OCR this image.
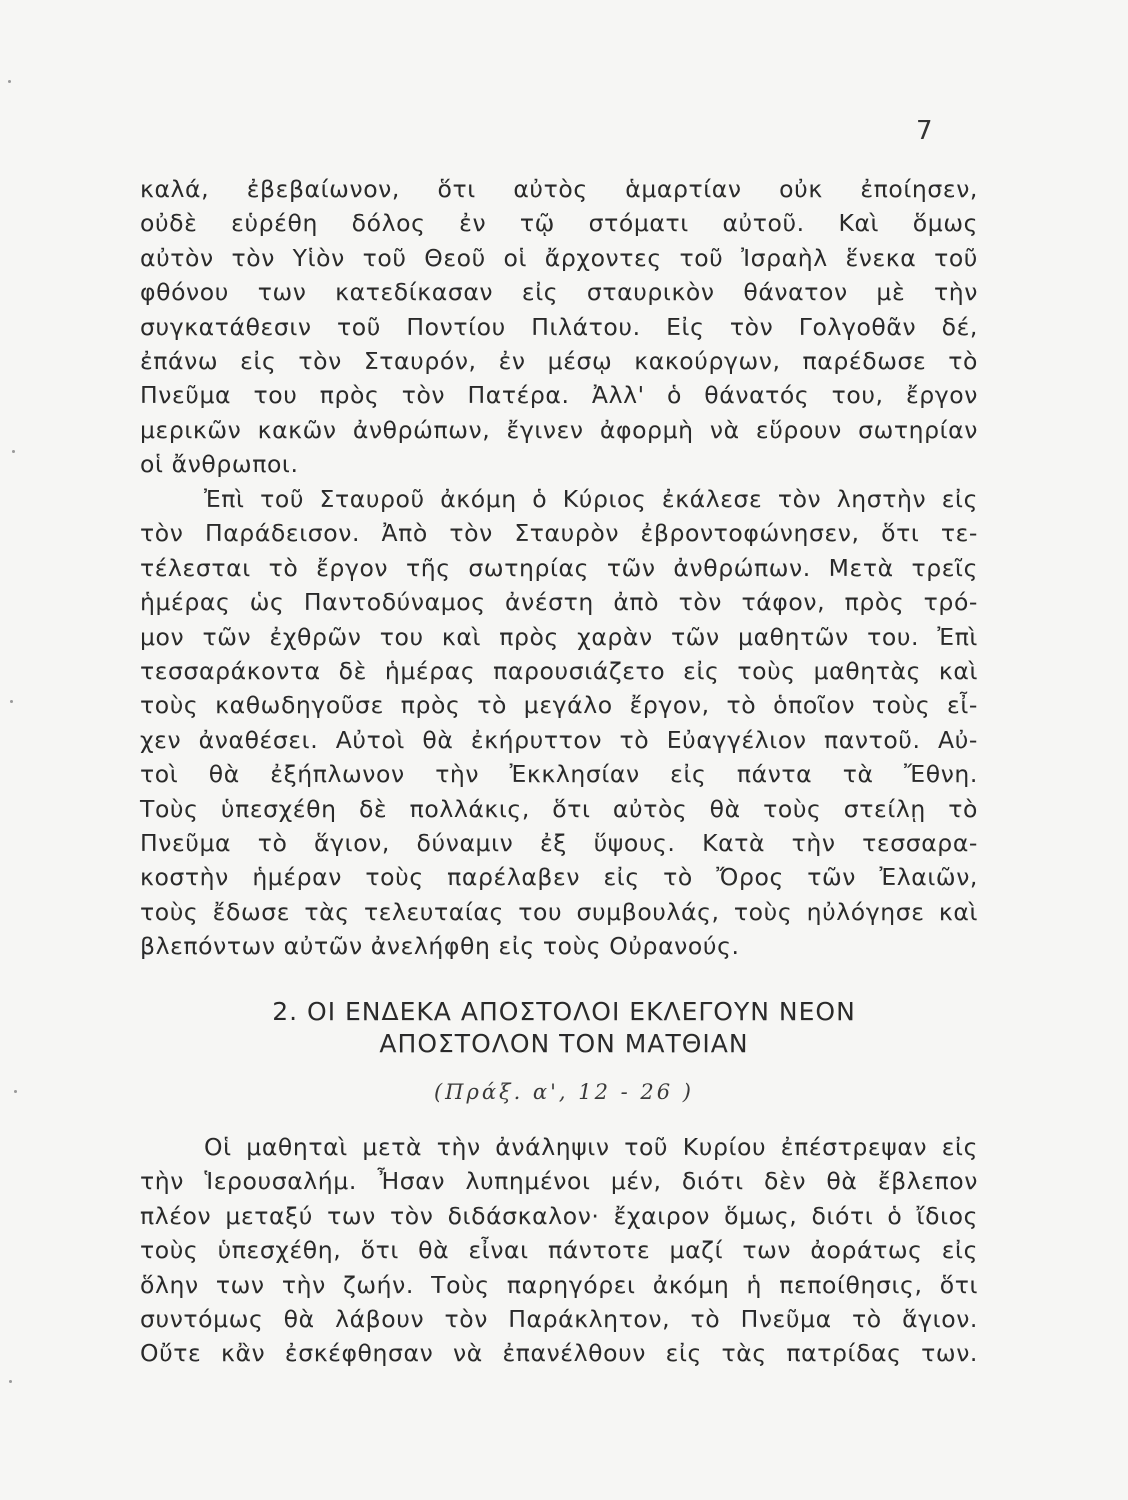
7
καλά, ἐβεβαίωνον, ὅτι αὐτὸς ἁμαρτίαν οὐκ ἐποίησεν,
οὐδὲ εὑρέθη δόλος ἐν τῷ στόματι αὐτοῦ. Καὶ ὅμως
αὐτὸν τὸν Υἱὸν τοῦ Θεοῦ οἱ ἄρχοντες τοῦ Ἰσραὴλ ἕνεκα τοῦ
φθόνου των κατεδίκασαν εἰς σταυρικὸν θάνατον μὲ τὴν
συγκατάθεσιν τοῦ Ποντίου Πιλάτου. Εἰς τὸν Γολγοθᾶν δέ,
ἐπάνω εἰς τὸν Σταυρόν, ἐν μέσῳ κακούργων, παρέδωσε τὸ
Πνεῦμα του πρὸς τὸν Πατέρα. Ἀλλ' ὁ θάνατός του, ἔργον
μερικῶν κακῶν ἀνθρώπων, ἔγινεν ἀφορμὴ νὰ εὕρουν σωτηρίαν
οἱ ἄνθρωποι.
Ἐπὶ τοῦ Σταυροῦ ἀκόμη ὁ Κύριος ἐκάλεσε τὸν ληστὴν εἰς
τὸν Παράδεισον. Ἀπὸ τὸν Σταυρὸν ἐβροντοφώνησεν, ὅτι τε-
τέλεσται τὸ ἔργον τῆς σωτηρίας τῶν ἀνθρώπων. Μετὰ τρεῖς
ἡμέρας ὡς Παντοδύναμος ἀνέστη ἀπὸ τὸν τάφον, πρὸς τρό-
μον τῶν ἐχθρῶν του καὶ πρὸς χαρὰν τῶν μαθητῶν του. Ἐπὶ
τεσσαράκοντα δὲ ἡμέρας παρουσιάζετο εἰς τοὺς μαθητὰς καὶ
τοὺς καθωδηγοῦσε πρὸς τὸ μεγάλο ἔργον, τὸ ὁποῖον τοὺς εἶ-
χεν ἀναθέσει. Αὐτοὶ θὰ ἐκήρυττον τὸ Εὐαγγέλιον παντοῦ. Αὐ-
τοὶ θὰ ἐξήπλωνον τὴν Ἐκκλησίαν εἰς πάντα τὰ Ἔθνη.
Τοὺς ὑπεσχέθη δὲ πολλάκις, ὅτι αὐτὸς θὰ τοὺς στείλῃ τὸ
Πνεῦμα τὸ ἅγιον, δύναμιν ἐξ ὕψους. Κατὰ τὴν τεσσαρα-
κοστὴν ἡμέραν τοὺς παρέλαβεν εἰς τὸ Ὄρος τῶν Ἐλαιῶν,
τοὺς ἔδωσε τὰς τελευταίας του συμβουλάς, τοὺς ηὐλόγησε καὶ
βλεπόντων αὐτῶν ἀνελήφθη εἰς τοὺς Οὐρανούς.
2. ΟΙ ΕΝΔΕΚΑ ΑΠΟΣΤΟΛΟΙ ΕΚΛΕΓΟΥΝ ΝΕΟΝ
ΑΠΟΣΤΟΛΟΝ ΤΟΝ ΜΑΤΘΙΑΝ
(Πράξ. α', 12 - 26 )
Οἱ μαθηταὶ μετὰ τὴν ἀνάληψιν τοῦ Κυρίου ἐπέστρεψαν εἰς
τὴν Ἱερουσαλήμ. Ἦσαν λυπημένοι μέν, διότι δὲν θὰ ἔβλεπον
πλέον μεταξύ των τὸν διδάσκαλον· ἔχαιρον ὅμως, διότι ὁ ἴδιος
τοὺς ὑπεσχέθη, ὅτι θὰ εἶναι πάντοτε μαζί των ἀοράτως εἰς
ὅλην των τὴν ζωήν. Τοὺς παρηγόρει ἀκόμη ἡ πεποίθησις, ὅτι
συντόμως θὰ λάβουν τὸν Παράκλητον, τὸ Πνεῦμα τὸ ἅγιον.
Οὔτε κἂν ἐσκέφθησαν νὰ ἐπανέλθουν εἰς τὰς πατρίδας των.
